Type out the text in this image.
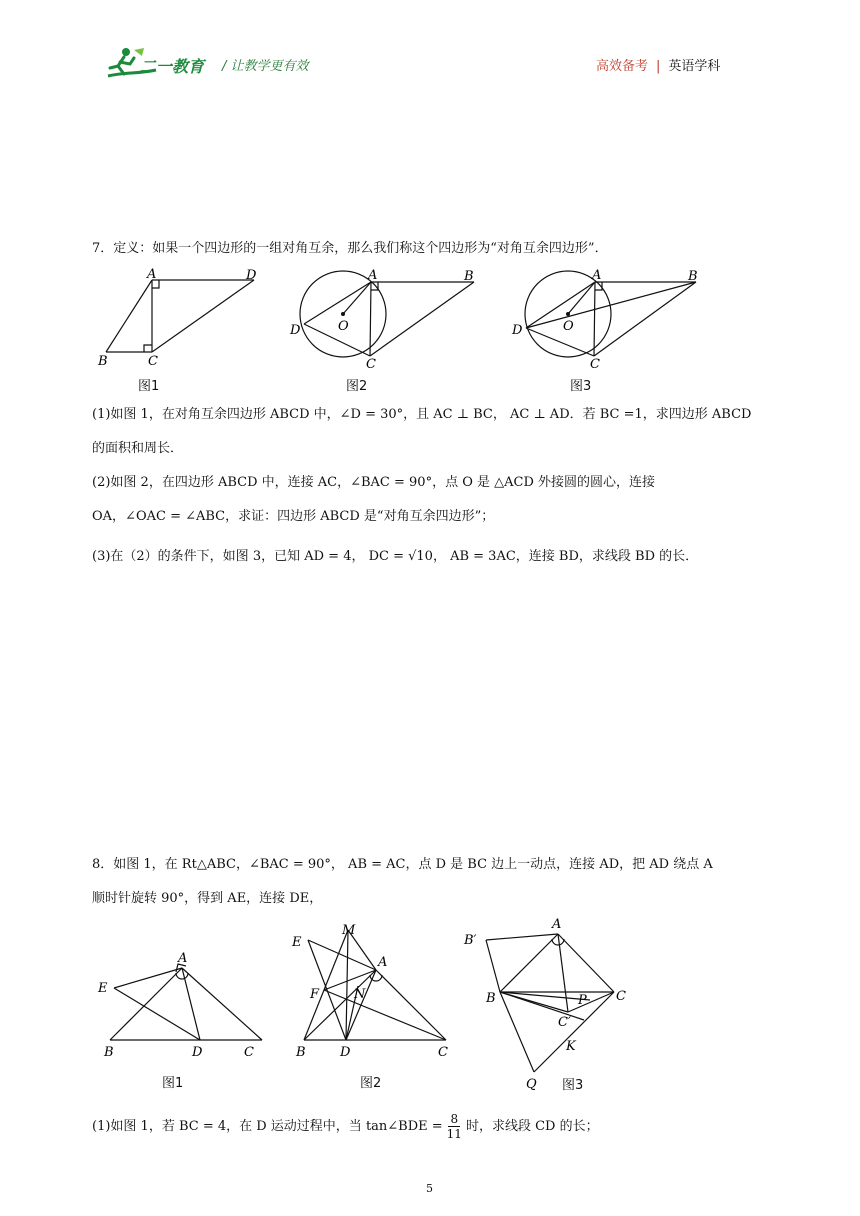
二一教育 / 让教学更有效	高效备考 | 英语学科
7．定义：如果一个四边形的一组对角互余，那么我们称这个四边形为“对角互余四边形”．
A	D
B	C
图1
A	B
D	O
C
图2
A	B
D	O
C
图3
(1)如图 1，在对角互余四边形 ABCD 中，∠D = 30°，且 AC ⊥ BC， AC ⊥ AD．若 BC =1，求四边形 ABCD
的面积和周长．
(2)如图 2，在四边形 ABCD 中，连接 AC，∠BAC = 90°，点 O 是 △ACD 外接圆的圆心，连接
OA，∠OAC = ∠ABC，求证：四边形 ABCD 是“对角互余四边形”；
(3)在（2）的条件下，如图 3，已知 AD = 4， DC = √10， AB = 3AC，连接 BD，求线段 BD 的长．
8．如图 1，在 Rt△ABC，∠BAC = 90°， AB = AC，点 D 是 BC 边上一动点，连接 AD，把 AD 绕点 A
顺时针旋转 90°，得到 AE，连接 DE，
A
E
B	D	C
图1
A
E
M
F	N
B	D	C
图2
A
B′
B	C
P
C′
K
Q 图3
(1)如图 1，若 BC = 4，在 D 运动过程中，当 tan∠BDE = $\frac{8}{11}$ 时，求线段 CD 的长；
5
